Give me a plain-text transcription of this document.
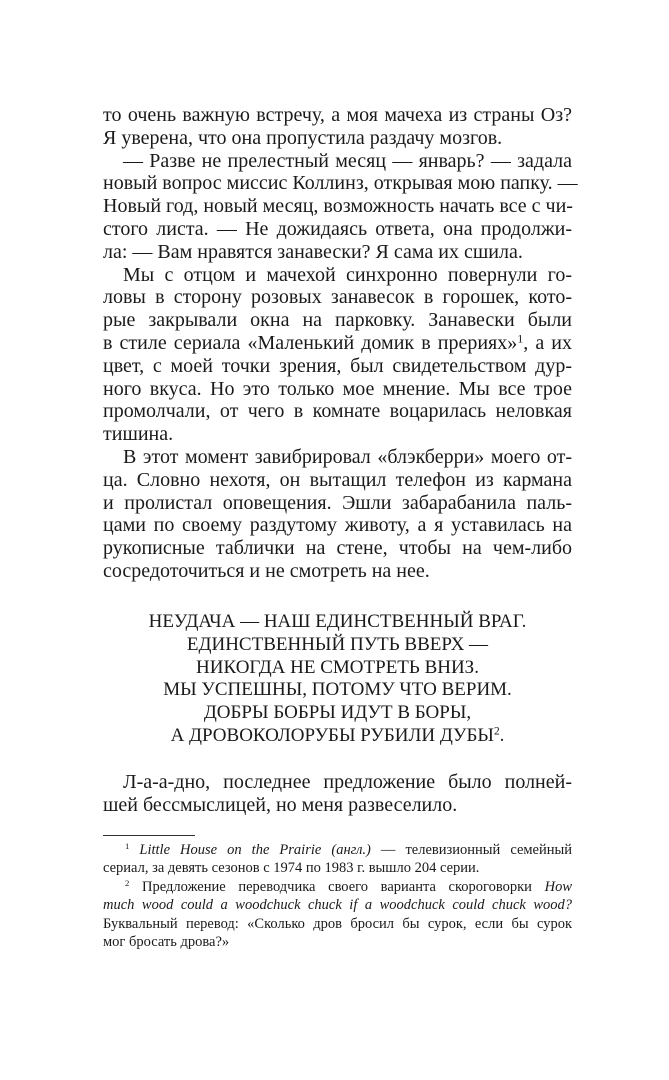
то очень важную встречу, а моя мачеха из страны Оз?
Я уверена, что она пропустила раздачу мозгов.
— Разве не прелестный месяц — январь? — задала
новый вопрос миссис Коллинз, открывая мою папку. —
Новый год, новый месяц, возможность начать все с чи-
стого листа. — Не дожидаясь ответа, она продолжи-
ла: — Вам нравятся занавески? Я сама их сшила.
Мы с отцом и мачехой синхронно повернули го-
ловы в сторону розовых занавесок в горошек, кото-
рые закрывали окна на парковку. Занавески были
в стиле сериала «Маленький домик в прериях»$^1$, а их
цвет, с моей точки зрения, был свидетельством дур-
ного вкуса. Но это только мое мнение. Мы все трое
промолчали, от чего в комнате воцарилась неловкая
тишина.
В этот момент завибрировал «блэкберри» моего от-
ца. Словно нехотя, он вытащил телефон из кармана
и пролистал оповещения. Эшли забарабанила паль-
цами по своему раздутому животу, а я уставилась на
рукописные таблички на стене, чтобы на чем-либо
сосредоточиться и не смотреть на нее.
НЕУДАЧА — НАШ ЕДИНСТВЕННЫЙ ВРАГ.
ЕДИНСТВЕННЫЙ ПУТЬ ВВЕРХ —
НИКОГДА НЕ СМОТРЕТЬ ВНИЗ.
МЫ УСПЕШНЫ, ПОТОМУ ЧТО ВЕРИМ.
ДОБРЫ БОБРЫ ИДУТ В БОРЫ,
А ДРОВОКОЛОРУБЫ РУБИЛИ ДУБЫ$^2$.
Л-а-а-дно, последнее предложение было полней-
шей бессмыслицей, но меня развеселило.
$^1$ Little House on the Prairie (англ.) — телевизионный семейный
сериал, за девять сезонов с 1974 по 1983 г. вышло 204 серии.
$^2$ Предложение переводчика своего варианта скороговорки How
much wood could a woodchuck chuck if a woodchuck could chuck wood?
Буквальный перевод: «Сколько дров бросил бы сурок, если бы сурок
мог бросать дрова?»
